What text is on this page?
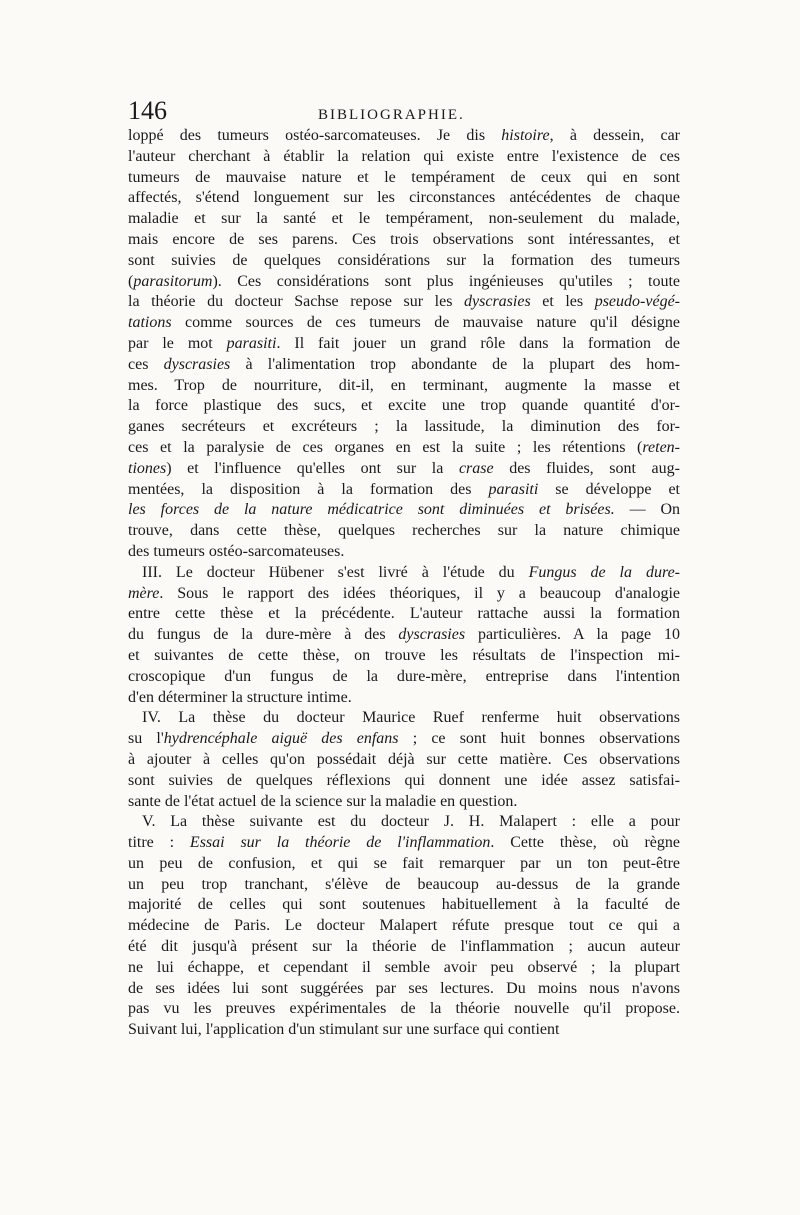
146	BIBLIOGRAPHIE.
loppé des tumeurs ostéo-sarcomateuses. Je dis histoire, à dessein, car
l'auteur cherchant à établir la relation qui existe entre l'existence de ces
tumeurs de mauvaise nature et le tempérament de ceux qui en sont
affectés, s'étend longuement sur les circonstances antécédentes de chaque
maladie et sur la santé et le tempérament, non-seulement du malade,
mais encore de ses parens. Ces trois observations sont intéressantes, et
sont suivies de quelques considérations sur la formation des tumeurs
(parasitorum). Ces considérations sont plus ingénieuses qu'utiles ; toute
la théorie du docteur Sachse repose sur les dyscrasies et les pseudo-végé-
tations comme sources de ces tumeurs de mauvaise nature qu'il désigne
par le mot parasiti. Il fait jouer un grand rôle dans la formation de
ces dyscrasies à l'alimentation trop abondante de la plupart des hom-
mes. Trop de nourriture, dit-il, en terminant, augmente la masse et
la force plastique des sucs, et excite une trop quande quantité d'or-
ganes secréteurs et excréteurs ; la lassitude, la diminution des for-
ces et la paralysie de ces organes en est la suite ; les rétentions (reten-
tiones) et l'influence qu'elles ont sur la crase des fluides, sont aug-
mentées, la disposition à la formation des parasiti se développe et
les forces de la nature médicatrice sont diminuées et brisées. — On
trouve, dans cette thèse, quelques recherches sur la nature chimique
des tumeurs ostéo-sarcomateuses.
III. Le docteur Hübener s'est livré à l'étude du Fungus de la dure-
mère. Sous le rapport des idées théoriques, il y a beaucoup d'analogie
entre cette thèse et la précédente. L'auteur rattache aussi la formation
du fungus de la dure-mère à des dyscrasies particulières. A la page 10
et suivantes de cette thèse, on trouve les résultats de l'inspection mi-
croscopique d'un fungus de la dure-mère, entreprise dans l'intention
d'en déterminer la structure intime.
IV. La thèse du docteur Maurice Ruef renferme huit observations
su l'hydrencéphale aiguë des enfans ; ce sont huit bonnes observations
à ajouter à celles qu'on possédait déjà sur cette matière. Ces observations
sont suivies de quelques réflexions qui donnent une idée assez satisfai-
sante de l'état actuel de la science sur la maladie en question.
V. La thèse suivante est du docteur J. H. Malapert : elle a pour
titre : Essai sur la théorie de l'inflammation. Cette thèse, où règne
un peu de confusion, et qui se fait remarquer par un ton peut-être
un peu trop tranchant, s'élève de beaucoup au-dessus de la grande
majorité de celles qui sont soutenues habituellement à la faculté de
médecine de Paris. Le docteur Malapert réfute presque tout ce qui a
été dit jusqu'à présent sur la théorie de l'inflammation ; aucun auteur
ne lui échappe, et cependant il semble avoir peu observé ; la plupart
de ses idées lui sont suggérées par ses lectures. Du moins nous n'avons
pas vu les preuves expérimentales de la théorie nouvelle qu'il propose.
Suivant lui, l'application d'un stimulant sur une surface qui contient
